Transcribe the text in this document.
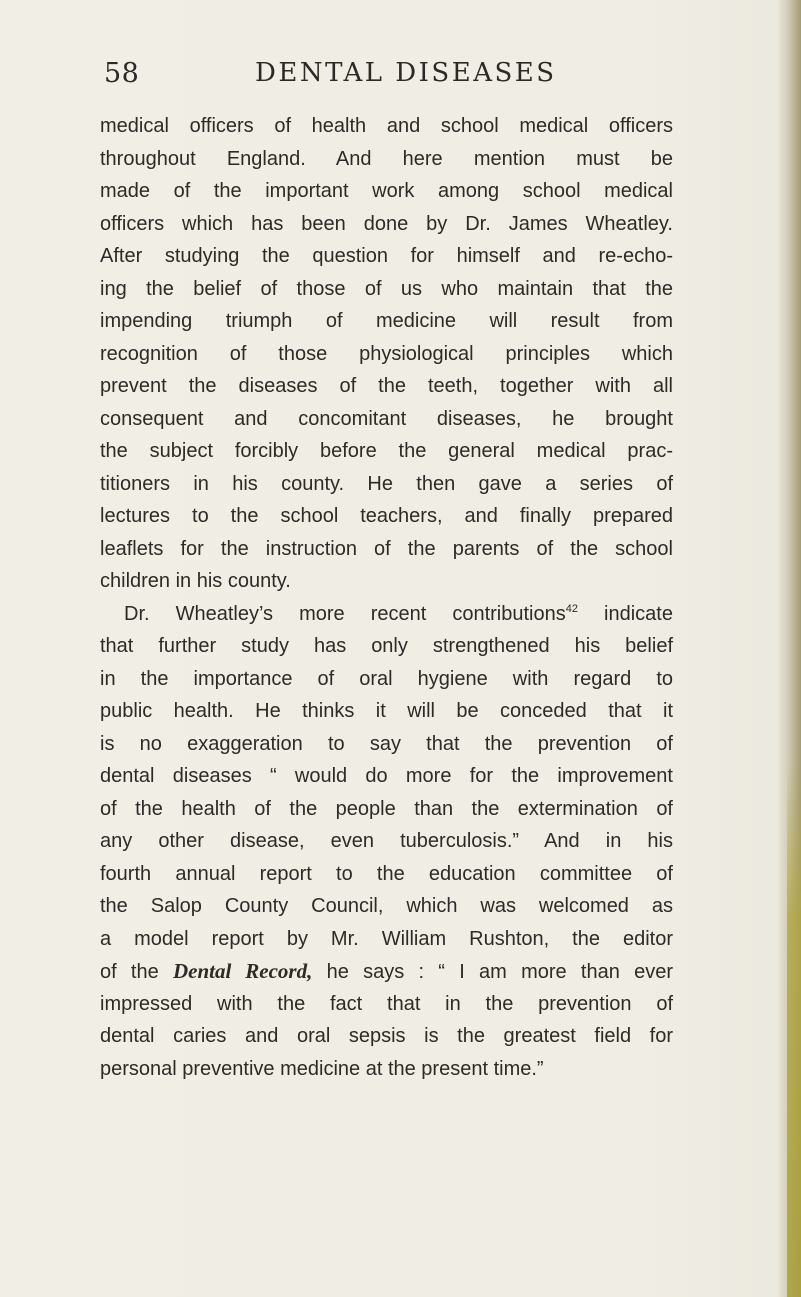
58	DENTAL DISEASES
medical officers of health and school medical officers
throughout England. And here mention must be
made of the important work among school medical
officers which has been done by Dr. James Wheatley.
After studying the question for himself and re-echo-
ing the belief of those of us who maintain that the
impending triumph of medicine will result from
recognition of those physiological principles which
prevent the diseases of the teeth, together with all
consequent and concomitant diseases, he brought
the subject forcibly before the general medical prac-
titioners in his county. He then gave a series of
lectures to the school teachers, and finally prepared
leaflets for the instruction of the parents of the school
children in his county.
Dr. Wheatley’s more recent contributions$^{42}$ indicate
that further study has only strengthened his belief
in the importance of oral hygiene with regard to
public health. He thinks it will be conceded that it
is no exaggeration to say that the prevention of
dental diseases “ would do more for the improvement
of the health of the people than the extermination of
any other disease, even tuberculosis.” And in his
fourth annual report to the education committee of
the Salop County Council, which was welcomed as
a model report by Mr. William Rushton, the editor
of the Dental Record, he says : “ I am more than ever
impressed with the fact that in the prevention of
dental caries and oral sepsis is the greatest field for
personal preventive medicine at the present time.”
